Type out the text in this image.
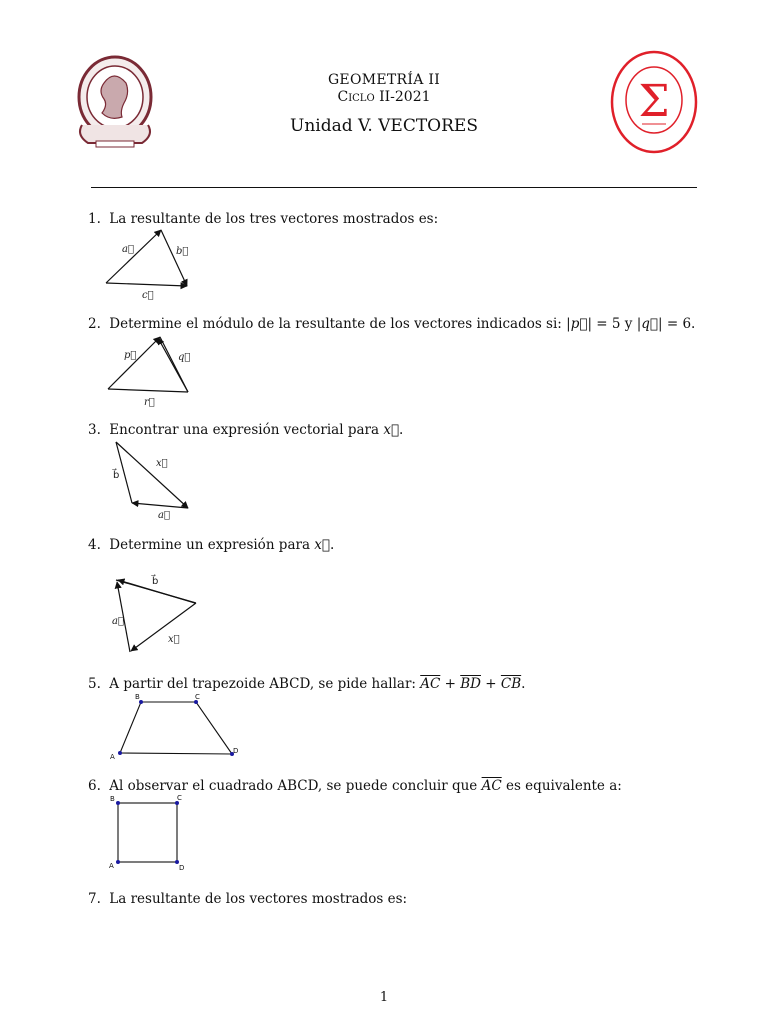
Σ
GEOMETRÍA II
Ciclo II-2021
Unidad V. VECTORES
1. La resultante de los tres vectores mostrados es:
a⃗	b⃗
c⃗
2. Determine el módulo de la resultante de los vectores indicados si: |p⃗| = 5 y |q⃗| = 6.
p⃗	q⃗
r⃗
3. Encontrar una expresión vectorial para x⃗.
b⃗
x⃗
a⃗
4. Determine un expresión para x⃗.
b⃗
a⃗
x⃗
5. A partir del trapezoide ABCD, se pide hallar: $\overline{AC} + \overline{BD} + \overline{CB}$.
A
B	C
D
6. Al observar el cuadrado ABCD, se puede concluir que $\overline{AC}$ es equivalente a:
A
B	C
D
7. La resultante de los vectores mostrados es:
1
